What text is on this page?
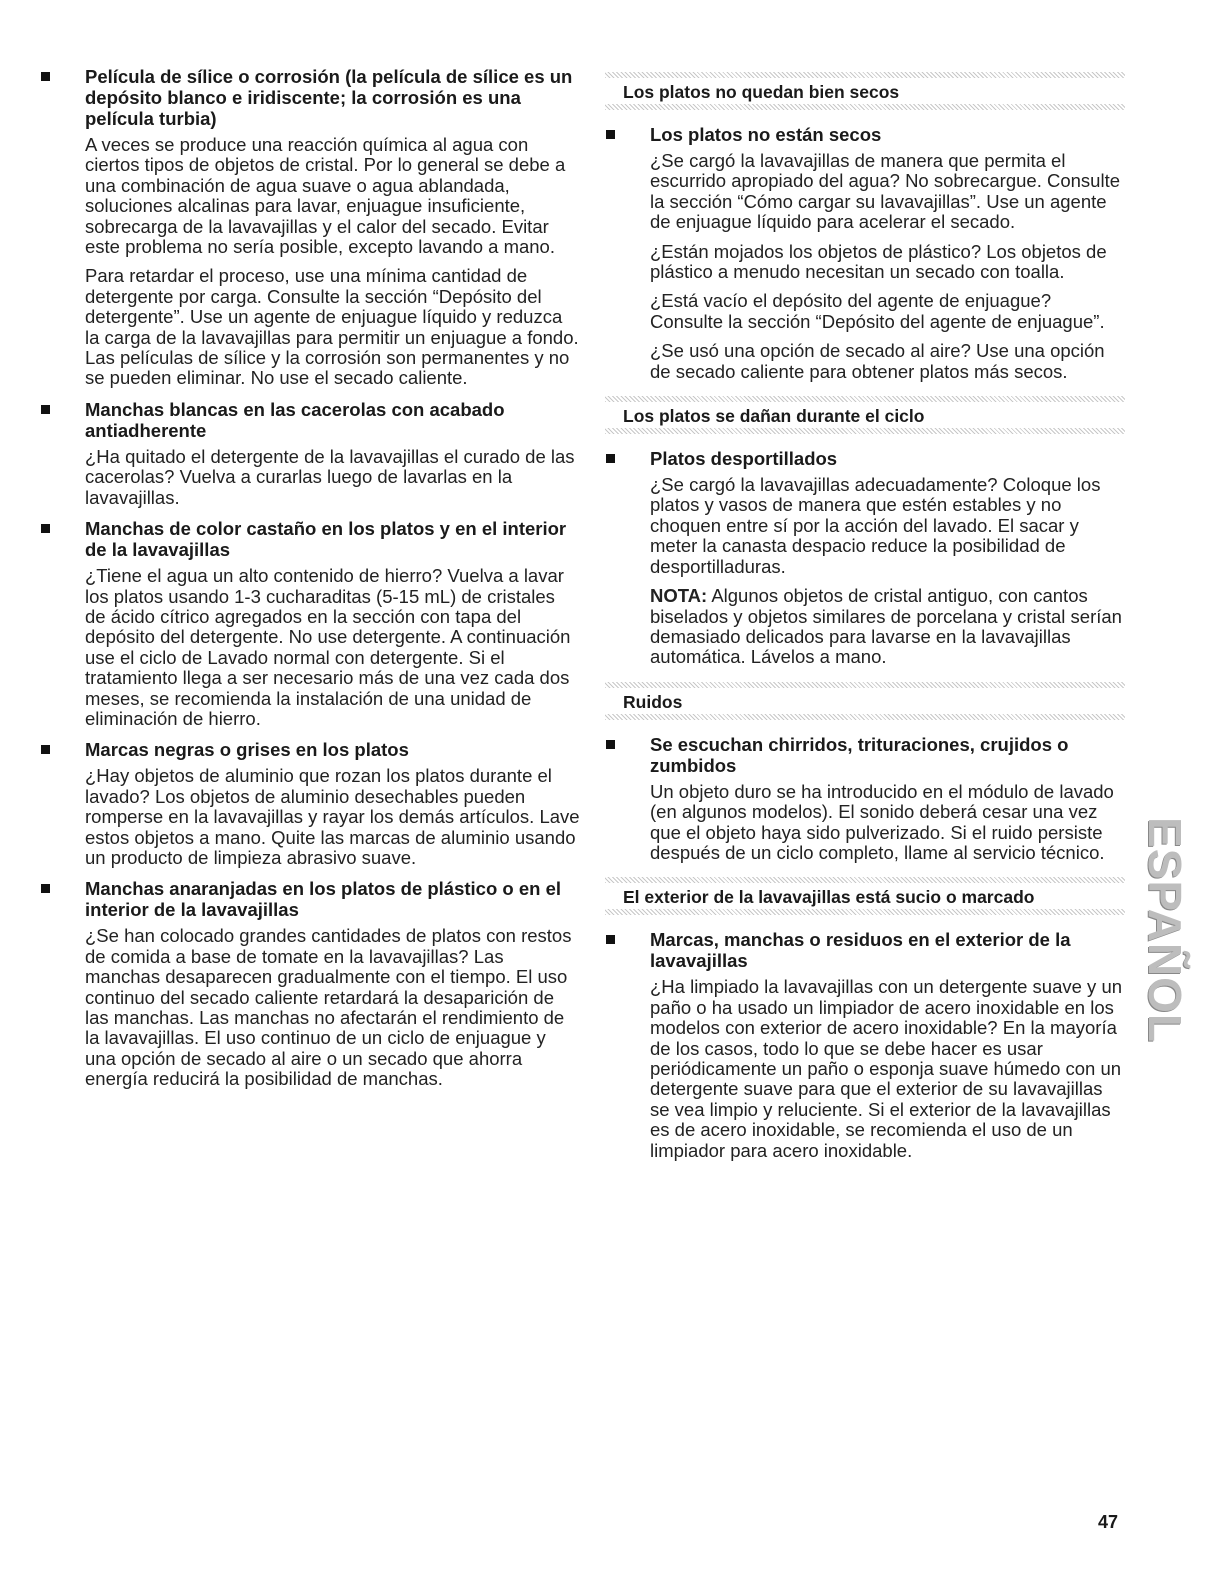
Película de sílice o corrosión (la película de sílice es un depósito blanco e iridiscente; la corrosión es una película turbia)

A veces se produce una reacción química al agua con ciertos tipos de objetos de cristal. Por lo general se debe a una combinación de agua suave o agua ablandada, soluciones alcalinas para lavar, enjuague insuficiente, sobrecarga de la lavavajillas y el calor del secado. Evitar este problema no sería posible, excepto lavando a mano.

Para retardar el proceso, use una mínima cantidad de detergente por carga. Consulte la sección “Depósito del detergente”. Use un agente de enjuague líquido y reduzca la carga de la lavavajillas para permitir un enjuague a fondo. Las películas de sílice y la corrosión son permanentes y no se pueden eliminar. No use el secado caliente.

Manchas blancas en las cacerolas con acabado antiadherente

¿Ha quitado el detergente de la lavavajillas el curado de las cacerolas? Vuelva a curarlas luego de lavarlas en la lavavajillas.

Manchas de color castaño en los platos y en el interior de la lavavajillas

¿Tiene el agua un alto contenido de hierro? Vuelva a lavar los platos usando 1-3 cucharaditas (5-15 mL) de cristales de ácido cítrico agregados en la sección con tapa del depósito del detergente. No use detergente. A continuación use el ciclo de Lavado normal con detergente. Si el tratamiento llega a ser necesario más de una vez cada dos meses, se recomienda la instalación de una unidad de eliminación de hierro.

Marcas negras o grises en los platos

¿Hay objetos de aluminio que rozan los platos durante el lavado? Los objetos de aluminio desechables pueden romperse en la lavavajillas y rayar los demás artículos. Lave estos objetos a mano. Quite las marcas de aluminio usando un producto de limpieza abrasivo suave.

Manchas anaranjadas en los platos de plástico o en el interior de la lavavajillas

¿Se han colocado grandes cantidades de platos con restos de comida a base de tomate en la lavavajillas? Las manchas desaparecen gradualmente con el tiempo. El uso continuo del secado caliente retardará la desaparición de las manchas. Las manchas no afectarán el rendimiento de la lavavajillas. El uso continuo de un ciclo de enjuague y una opción de secado al aire o un secado que ahorra energía reducirá la posibilidad de manchas.

Los platos no quedan bien secos
Los platos no están secos

¿Se cargó la lavavajillas de manera que permita el escurrido apropiado del agua? No sobrecargue. Consulte la sección “Cómo cargar su lavavajillas”. Use un agente de enjuague líquido para acelerar el secado.

¿Están mojados los objetos de plástico? Los objetos de plástico a menudo necesitan un secado con toalla.

¿Está vacío el depósito del agente de enjuague? Consulte la sección “Depósito del agente de enjuague”.

¿Se usó una opción de secado al aire? Use una opción de secado caliente para obtener platos más secos.

Los platos se dañan durante el ciclo
Platos desportillados

¿Se cargó la lavavajillas adecuadamente? Coloque los platos y vasos de manera que estén estables y no choquen entre sí por la acción del lavado. El sacar y meter la canasta despacio reduce la posibilidad de desportilladuras.

NOTA: Algunos objetos de cristal antiguo, con cantos biselados y objetos similares de porcelana y cristal serían demasiado delicados para lavarse en la lavavajillas automática. Lávelos a mano.

Ruidos
Se escuchan chirridos, trituraciones, crujidos o zumbidos

Un objeto duro se ha introducido en el módulo de lavado (en algunos modelos). El sonido deberá cesar una vez que el objeto haya sido pulverizado. Si el ruido persiste después de un ciclo completo, llame al servicio técnico.

El exterior de la lavavajillas está sucio o marcado
Marcas, manchas o residuos en el exterior de la lavavajillas

¿Ha limpiado la lavavajillas con un detergente suave y un paño o ha usado un limpiador de acero inoxidable en los modelos con exterior de acero inoxidable? En la mayoría de los casos, todo lo que se debe hacer es usar periódicamente un paño o esponja suave húmedo con un detergente suave para que el exterior de su lavavajillas se vea limpio y reluciente. Si el exterior de la lavavajillas es de acero inoxidable, se recomienda el uso de un limpiador para acero inoxidable.

ESPAÑOL
47
